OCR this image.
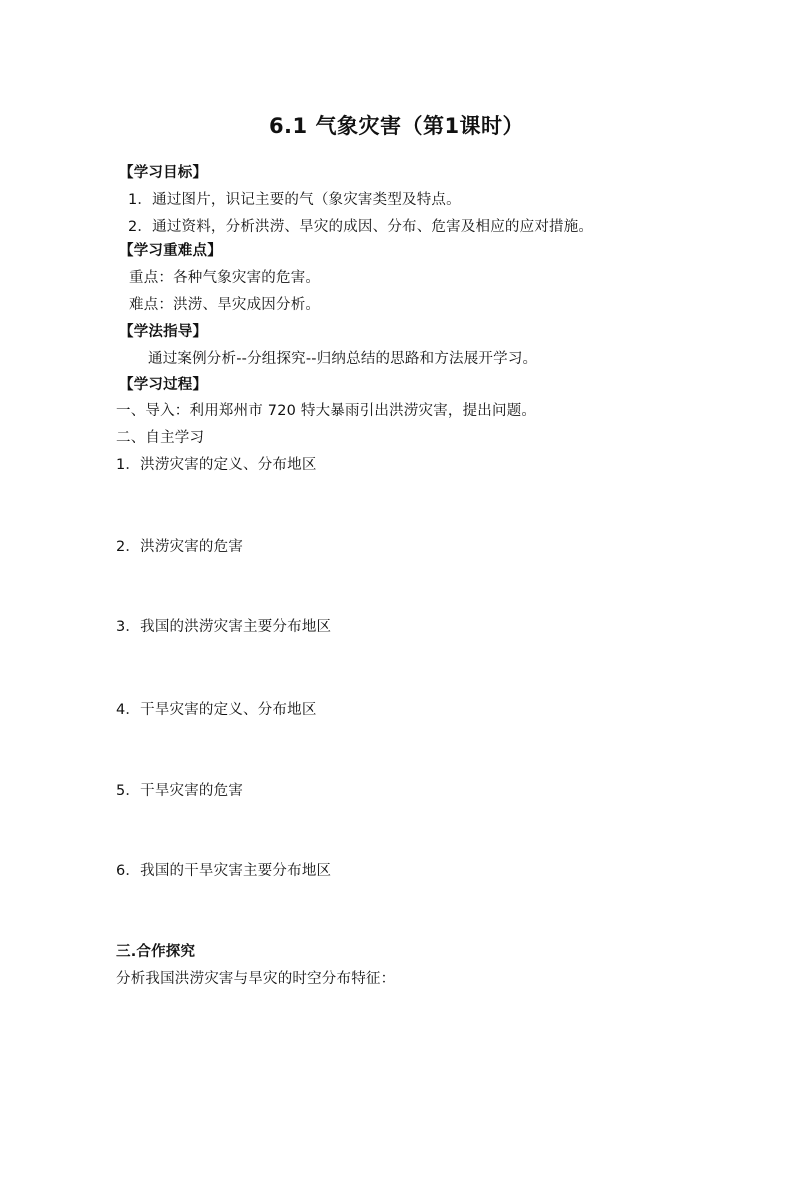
6.1 气象灾害（第1课时）
【学习目标】
1．通过图片，识记主要的气（象灾害类型及特点。
2．通过资料，分析洪涝、旱灾的成因、分布、危害及相应的应对措施。
【学习重难点】
重点：各种气象灾害的危害。
难点：洪涝、旱灾成因分析。
【学法指导】
通过案例分析--分组探究--归纳总结的思路和方法展开学习。
【学习过程】
一、导入：利用郑州市 720 特大暴雨引出洪涝灾害，提出问题。
二、自主学习
1．洪涝灾害的定义、分布地区
2．洪涝灾害的危害
3．我国的洪涝灾害主要分布地区
4．干旱灾害的定义、分布地区
5．干旱灾害的危害
6．我国的干旱灾害主要分布地区
三.合作探究
分析我国洪涝灾害与旱灾的时空分布特征：
